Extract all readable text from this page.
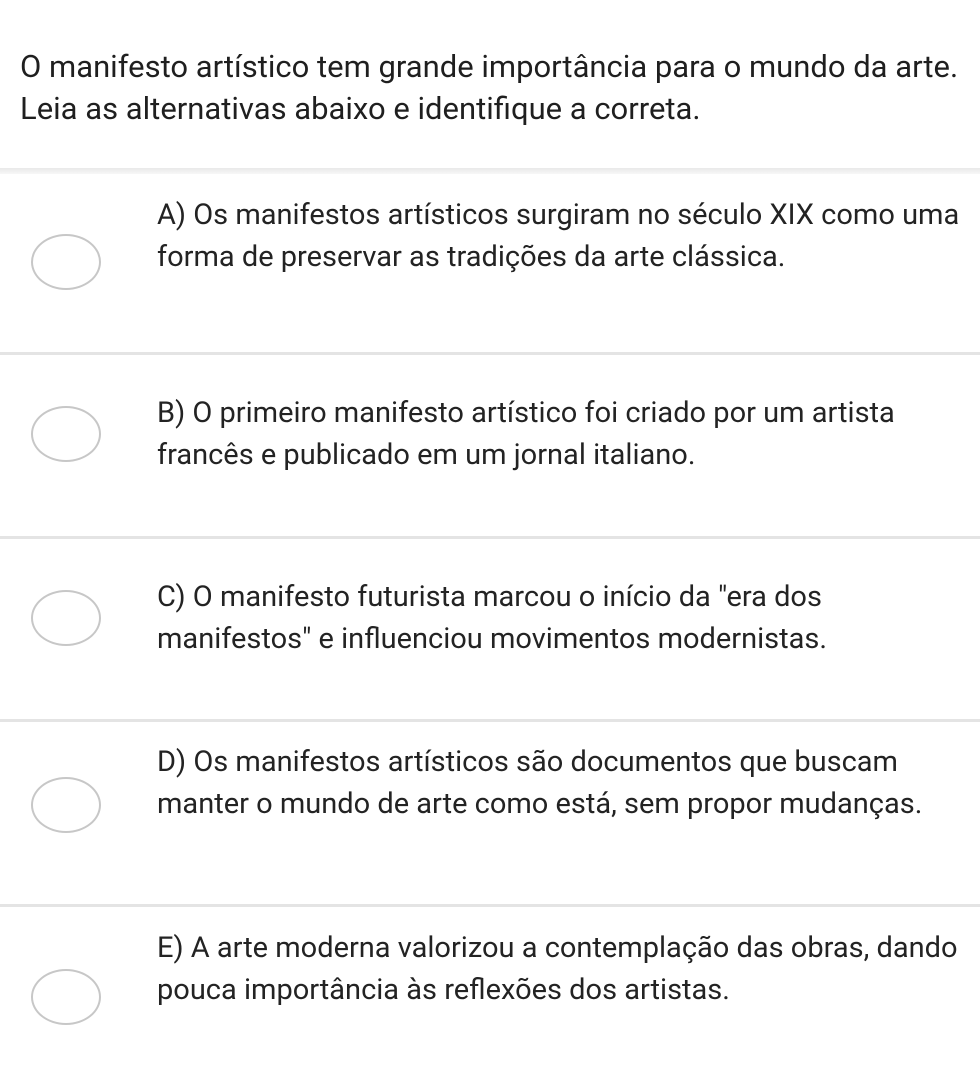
O manifesto artístico tem grande importância para o mundo da arte. Leia as alternativas abaixo e identifique a correta.

A) Os manifestos artísticos surgiram no século XIX como uma forma de preservar as tradições da arte clássica.

B) O primeiro manifesto artístico foi criado por um artista francês e publicado em um jornal italiano.

C) O manifesto futurista marcou o início da "era dos manifestos" e influenciou movimentos modernistas.

D) Os manifestos artísticos são documentos que buscam manter o mundo de arte como está, sem propor mudanças.

E) A arte moderna valorizou a contemplação das obras, dando pouca importância às reflexões dos artistas.
